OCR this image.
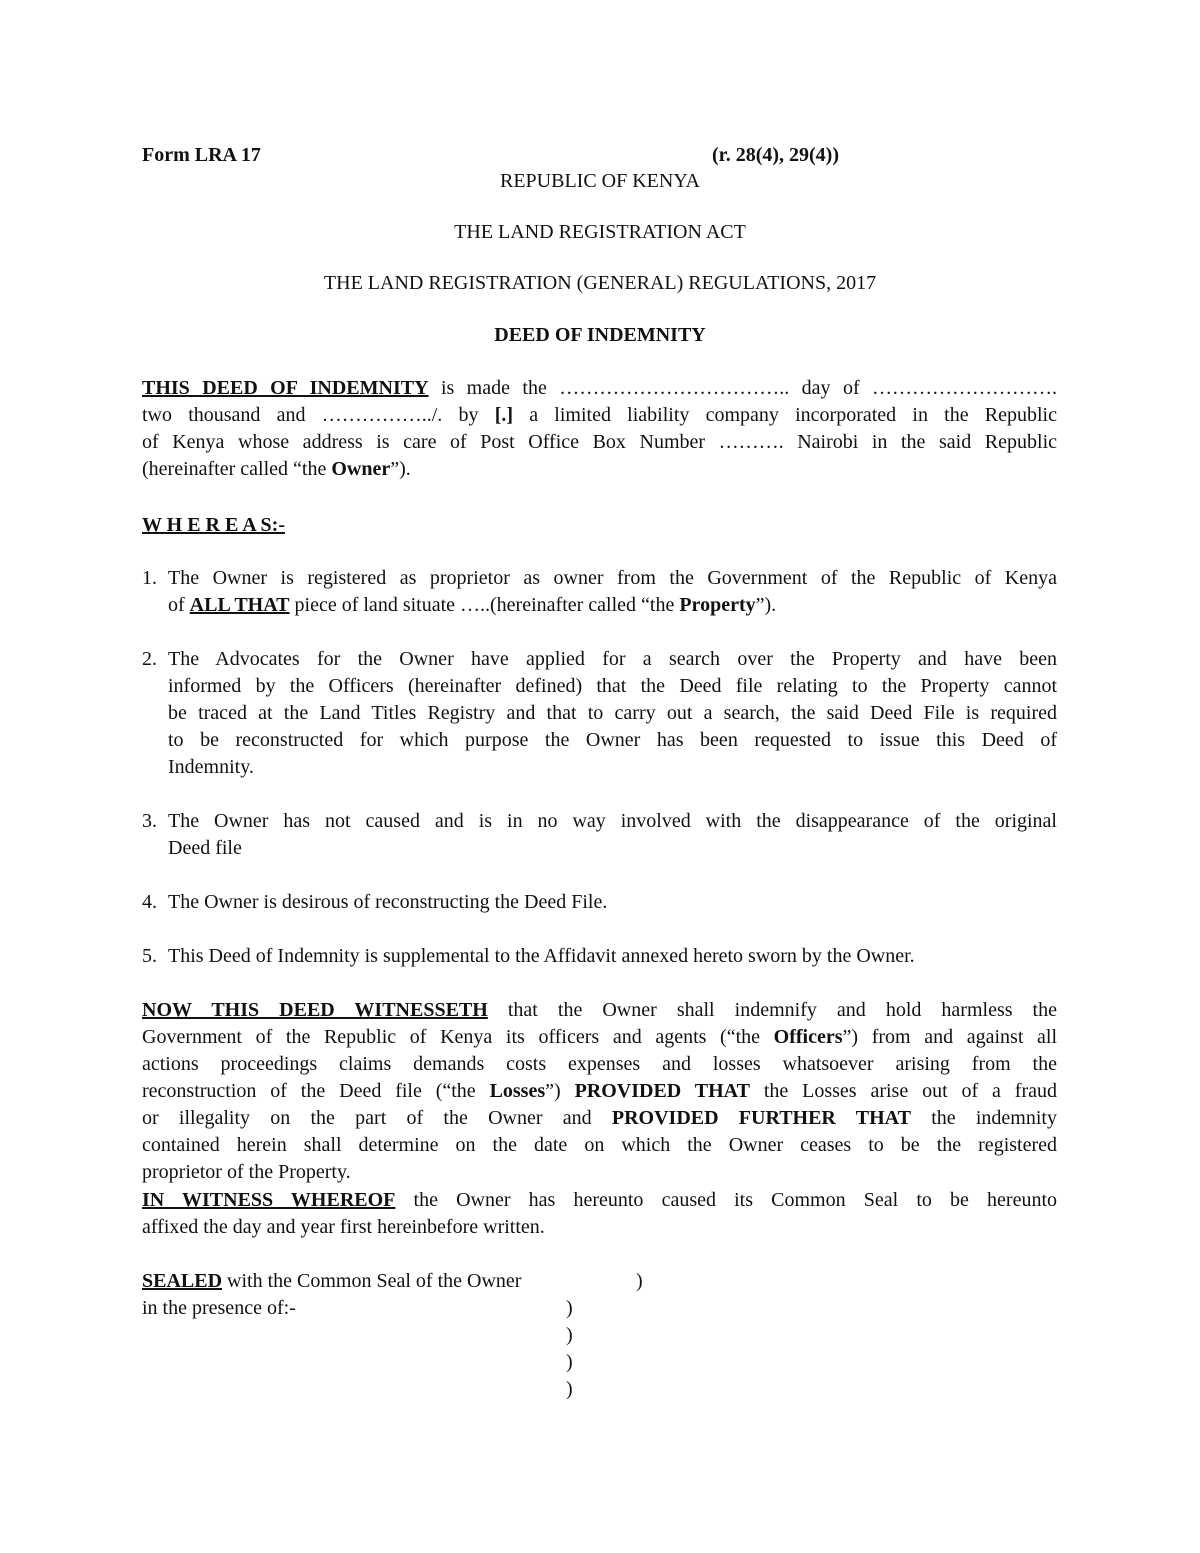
Form LRA 17	(r. 28(4), 29(4))
REPUBLIC OF KENYA
THE LAND REGISTRATION ACT
THE LAND REGISTRATION (GENERAL) REGULATIONS, 2017
DEED OF INDEMNITY
THIS DEED OF INDEMNITY is made the …………………………….. day of ……………………….
two thousand and ……………../. by [.] a limited liability company incorporated in the Republic
of Kenya whose address is care of Post Office Box Number ………. Nairobi in the said Republic
(hereinafter called “the Owner”).
W H E R E A S:-
1. The Owner is registered as proprietor as owner from the Government of the Republic of Kenya
of ALL THAT piece of land situate …..(hereinafter called “the Property”).
2. The Advocates for the Owner have applied for a search over the Property and have been
informed by the Officers (hereinafter defined) that the Deed file relating to the Property cannot
be traced at the Land Titles Registry and that to carry out a search, the said Deed File is required
to be reconstructed for which purpose the Owner has been requested to issue this Deed of
Indemnity.
3. The Owner has not caused and is in no way involved with the disappearance of the original
Deed file
4. The Owner is desirous of reconstructing the Deed File.
5. This Deed of Indemnity is supplemental to the Affidavit annexed hereto sworn by the Owner.
NOW THIS DEED WITNESSETH that the Owner shall indemnify and hold harmless the
Government of the Republic of Kenya its officers and agents (“the Officers”) from and against all
actions proceedings claims demands costs expenses and losses whatsoever arising from the
reconstruction of the Deed file (“the Losses”) PROVIDED THAT the Losses arise out of a fraud
or illegality on the part of the Owner and PROVIDED FURTHER THAT the indemnity
contained herein shall determine on the date on which the Owner ceases to be the registered
proprietor of the Property.
IN WITNESS WHEREOF the Owner has hereunto caused its Common Seal to be hereunto
affixed the day and year first hereinbefore written.
SEALED with the Common Seal of the Owner	)
in the presence of:-	)
)
)
)
